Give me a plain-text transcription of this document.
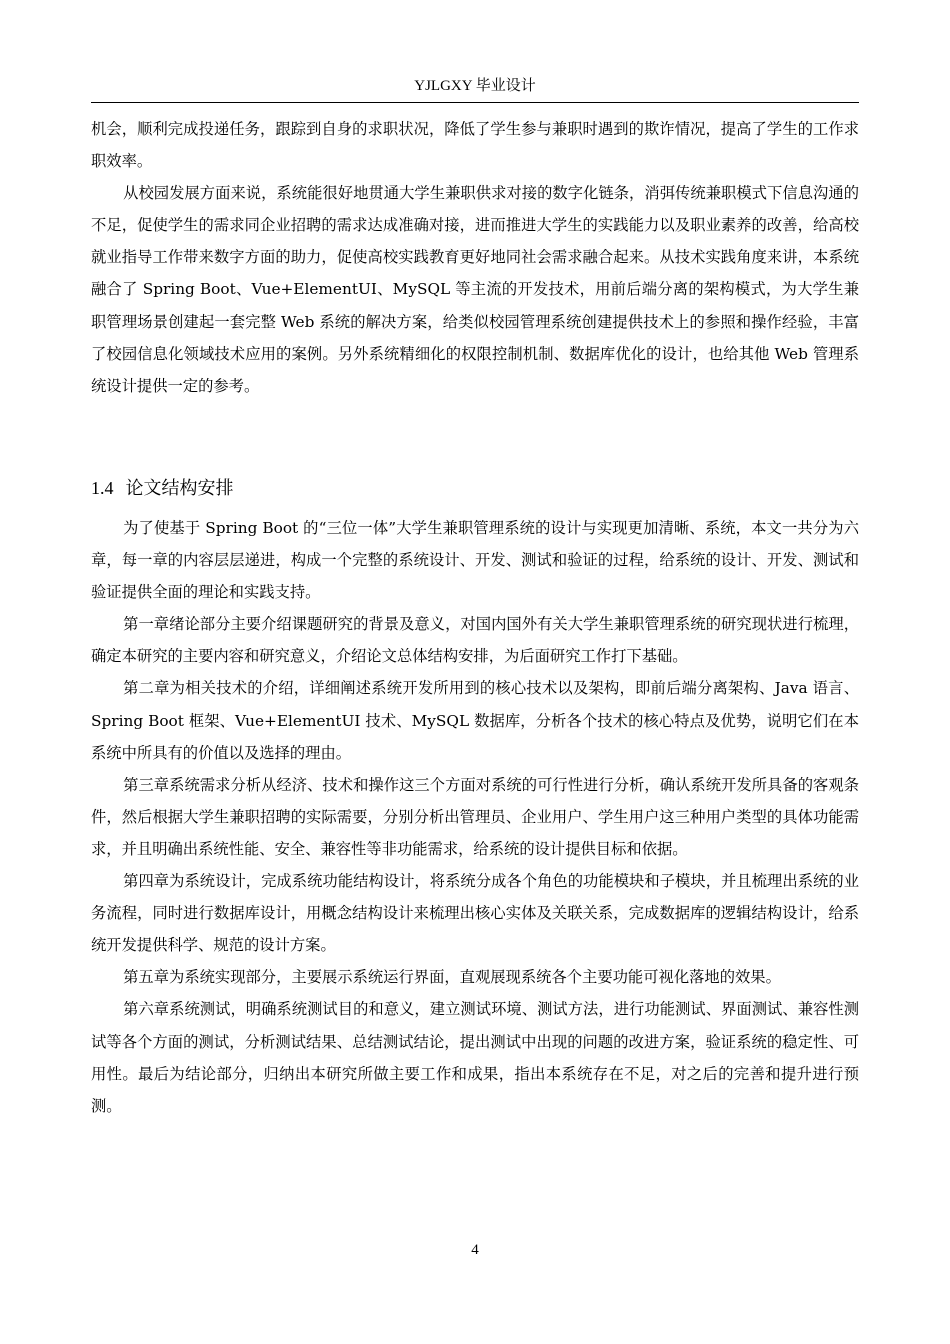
YJLGXY 毕业设计

机会，顺利完成投递任务，跟踪到自身的求职状况，降低了学生参与兼职时遇到的欺诈情况，提高了学生的工作求职效率。

从校园发展方面来说，系统能很好地贯通大学生兼职供求对接的数字化链条，消弭传统兼职模式下信息沟通的不足，促使学生的需求同企业招聘的需求达成准确对接，进而推进大学生的实践能力以及职业素养的改善，给高校就业指导工作带来数字方面的助力，促使高校实践教育更好地同社会需求融合起来。从技术实践角度来讲，本系统融合了 Spring Boot、Vue+ElementUI、MySQL 等主流的开发技术，用前后端分离的架构模式，为大学生兼职管理场景创建起一套完整 Web 系统的解决方案，给类似校园管理系统创建提供技术上的参照和操作经验，丰富了校园信息化领域技术应用的案例。另外系统精细化的权限控制机制、数据库优化的设计，也给其他 Web 管理系统设计提供一定的参考。

1.4 论文结构安排

为了使基于 Spring Boot 的“三位一体”大学生兼职管理系统的设计与实现更加清晰、系统，本文一共分为六章，每一章的内容层层递进，构成一个完整的系统设计、开发、测试和验证的过程，给系统的设计、开发、测试和验证提供全面的理论和实践支持。

第一章绪论部分主要介绍课题研究的背景及意义，对国内国外有关大学生兼职管理系统的研究现状进行梳理，确定本研究的主要内容和研究意义，介绍论文总体结构安排，为后面研究工作打下基础。

第二章为相关技术的介绍，详细阐述系统开发所用到的核心技术以及架构，即前后端分离架构、Java 语言、Spring Boot 框架、Vue+ElementUI 技术、MySQL 数据库，分析各个技术的核心特点及优势，说明它们在本系统中所具有的价值以及选择的理由。

第三章系统需求分析从经济、技术和操作这三个方面对系统的可行性进行分析，确认系统开发所具备的客观条件，然后根据大学生兼职招聘的实际需要，分别分析出管理员、企业用户、学生用户这三种用户类型的具体功能需求，并且明确出系统性能、安全、兼容性等非功能需求，给系统的设计提供目标和依据。

第四章为系统设计，完成系统功能结构设计，将系统分成各个角色的功能模块和子模块，并且梳理出系统的业务流程，同时进行数据库设计，用概念结构设计来梳理出核心实体及关联关系，完成数据库的逻辑结构设计，给系统开发提供科学、规范的设计方案。

第五章为系统实现部分，主要展示系统运行界面，直观展现系统各个主要功能可视化落地的效果。

第六章系统测试，明确系统测试目的和意义，建立测试环境、测试方法，进行功能测试、界面测试、兼容性测试等各个方面的测试，分析测试结果、总结测试结论，提出测试中出现的问题的改进方案，验证系统的稳定性、可用性。最后为结论部分，归纳出本研究所做主要工作和成果，指出本系统存在不足，对之后的完善和提升进行预测。

4
